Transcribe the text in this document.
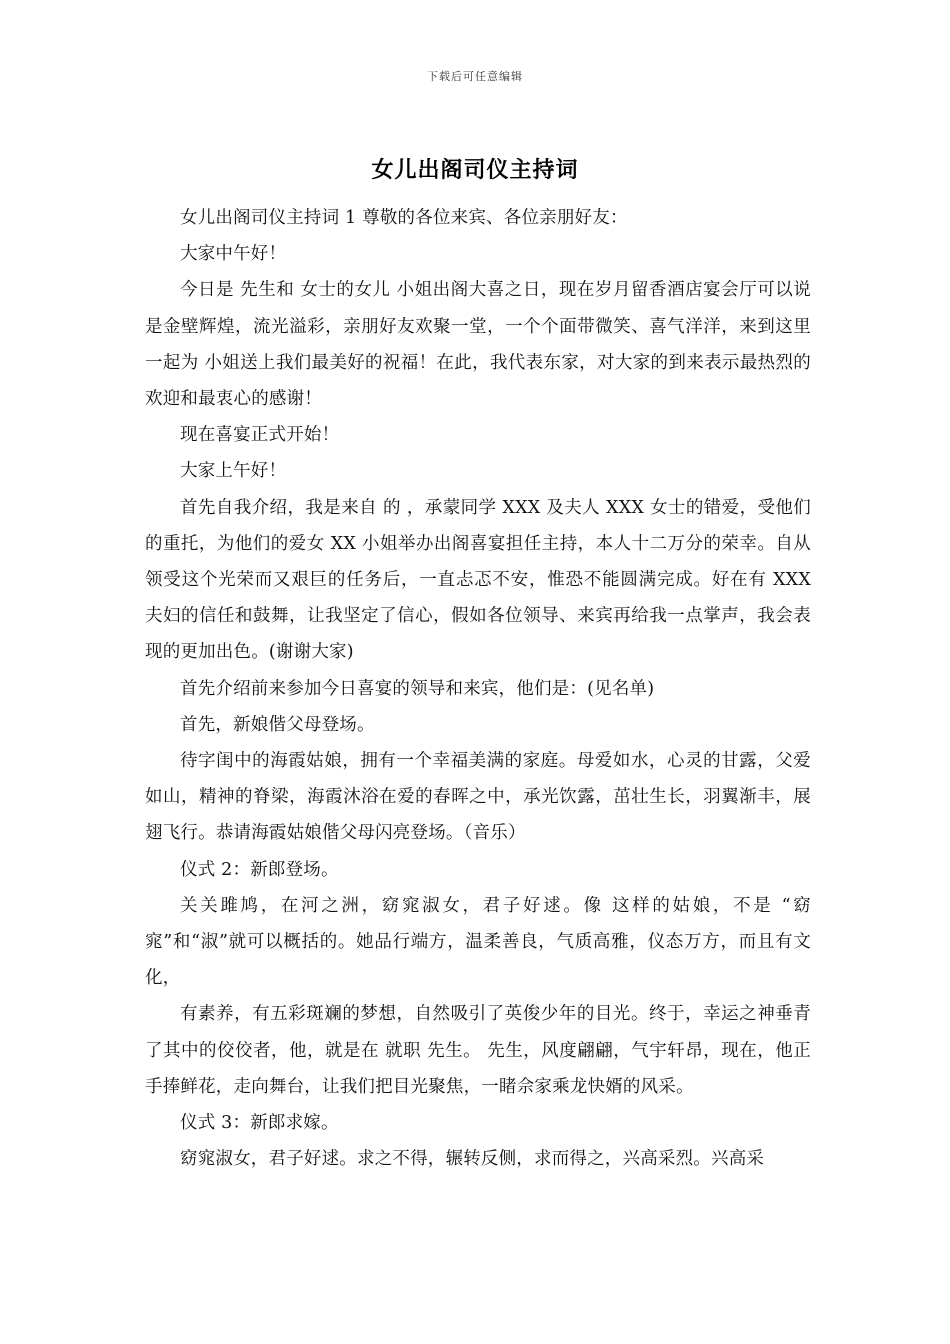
下载后可任意编辑
女儿出阁司仪主持词

女儿出阁司仪主持词 1 尊敬的各位来宾、各位亲朋好友：

大家中午好！

今日是 先生和 女士的女儿 小姐出阁大喜之日，现在岁月留香酒店宴会厅可以说是金壁辉煌，流光溢彩，亲朋好友欢聚一堂，一个个面带微笑、喜气洋洋，来到这里一起为 小姐送上我们最美好的祝福！在此，我代表东家，对大家的到来表示最热烈的欢迎和最衷心的感谢！

现在喜宴正式开始！

大家上午好！

首先自我介绍，我是来自 的 ，承蒙同学 XXX 及夫人 XXX 女士的错爱，受他们的重托，为他们的爱女 XX 小姐举办出阁喜宴担任主持，本人十二万分的荣幸。自从领受这个光荣而又艰巨的任务后，一直忐忑不安，惟恐不能圆满完成。好在有 XXX 夫妇的信任和鼓舞，让我坚定了信心，假如各位领导、来宾再给我一点掌声，我会表现的更加出色。(谢谢大家)

首先介绍前来参加今日喜宴的领导和来宾，他们是：(见名单)

首先，新娘偕父母登场。

待字闺中的海霞姑娘，拥有一个幸福美满的家庭。母爱如水，心灵的甘露，父爱如山，精神的脊梁，海霞沐浴在爱的春晖之中，承光饮露，茁壮生长，羽翼渐丰，展翅飞行。恭请海霞姑娘偕父母闪亮登场。（音乐）

仪式 2：新郎登场。

关关雎鸠，在河之洲，窈窕淑女，君子好逑。像 这样的姑娘，不是 “窈窕”和“淑”就可以概括的。她品行端方，温柔善良，气质高雅，仪态万方，而且有文化，

有素养，有五彩斑斓的梦想，自然吸引了英俊少年的目光。终于，幸运之神垂青了其中的佼佼者，他，就是在 就职 先生。 先生，风度翩翩，气宇轩昂，现在，他正手捧鲜花，走向舞台，让我们把目光聚焦，一睹佘家乘龙快婿的风采。

仪式 3：新郎求嫁。

窈窕淑女，君子好逑。求之不得，辗转反侧，求而得之，兴高采烈。兴高采
